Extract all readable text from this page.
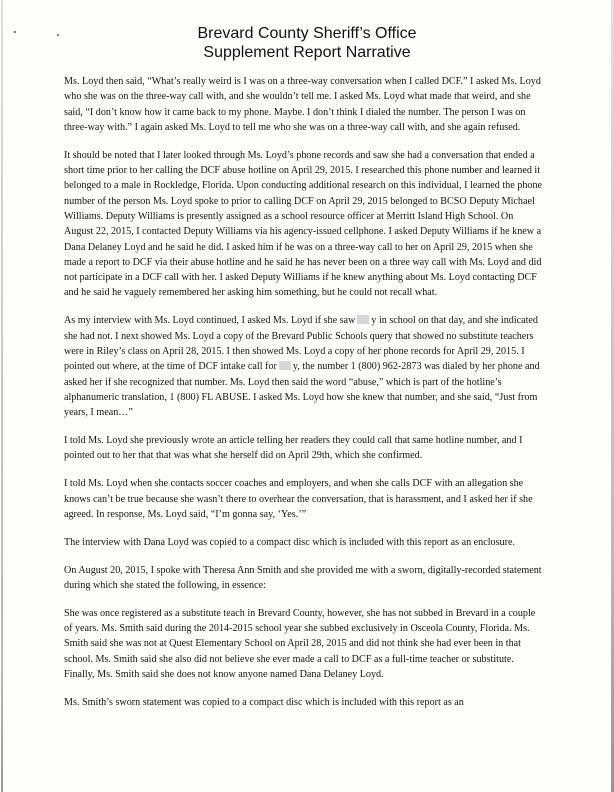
Brevard County Sheriff’s Office
Supplement Report Narrative

Ms. Loyd then said, “What’s really weird is I was on a three-way conversation when I called DCF.” I asked Ms. Loyd who she was on the three-way call with, and she wouldn’t tell me. I asked Ms. Loyd what made that weird, and she said, “I don’t know how it came back to my phone. Maybe. I don’t think I dialed the number. The person I was on three-way with.” I again asked Ms. Loyd to tell me who she was on a three-way call with, and she again refused.

It should be noted that I later looked through Ms. Loyd’s phone records and saw she had a conversation that ended a short time prior to her calling the DCF abuse hotline on April 29, 2015. I researched this phone number and learned it belonged to a male in Rockledge, Florida. Upon conducting additional research on this individual, I learned the phone number of the person Ms. Loyd spoke to prior to calling DCF on April 29, 2015 belonged to BCSO Deputy Michael Williams. Deputy Williams is presently assigned as a school resource officer at Merritt Island High School. On August 22, 2015, I contacted Deputy Williams via his agency-issued cellphone. I asked Deputy Williams if he knew a Dana Delaney Loyd and he said he did. I asked him if he was on a three-way call to her on April 29, 2015 when she made a report to DCF via their abuse hotline and he said he has never been on a three way call with Ms. Loyd and did not participate in a DCF call with her. I asked Deputy Williams if he knew anything about Ms. Loyd contacting DCF and he said he vaguely remembered her asking him something, but he could not recall what.

As my interview with Ms. Loyd continued, I asked Ms. Loyd if she saw y in school on that day, and she indicated she had not. I next showed Ms. Loyd a copy of the Brevard Public Schools query that showed no substitute teachers were in Riley’s class on April 28, 2015. I then showed Ms. Loyd a copy of her phone records for April 29, 2015. I pointed out where, at the time of DCF intake call for y, the number 1 (800) 962-2873 was dialed by her phone and asked her if she recognized that number. Ms. Loyd then said the word “abuse,” which is part of the hotline’s alphanumeric translation, 1 (800) FL ABUSE. I asked Ms. Loyd how she knew that number, and she said, “Just from years, I mean…”

I told Ms. Loyd she previously wrote an article telling her readers they could call that same hotline number, and I pointed out to her that that was what she herself did on April 29th, which she confirmed.

I told Ms. Loyd when she contacts soccer coaches and employers, and when she calls DCF with an allegation she knows can’t be true because she wasn’t there to overhear the conversation, that is harassment, and I asked her if she agreed. In response, Ms. Loyd said, “I’m gonna say, ‘Yes.’”

The interview with Dana Loyd was copied to a compact disc which is included with this report as an enclosure.

On August 20, 2015, I spoke with Theresa Ann Smith and she provided me with a sworn, digitally-recorded statement during which she stated the following, in essence:

She was once registered as a substitute teach in Brevard County, however, she has not subbed in Brevard in a couple of years. Ms. Smith said during the 2014-2015 school year she subbed exclusively in Osceola County, Florida. Ms. Smith said she was not at Quest Elementary School on April 28, 2015 and did not think she had ever been in that school. Ms. Smith said she also did not believe she ever made a call to DCF as a full-time teacher or substitute. Finally, Ms. Smith said she does not know anyone named Dana Delaney Loyd.

Ms. Smith’s sworn statement was copied to a compact disc which is included with this report as an
